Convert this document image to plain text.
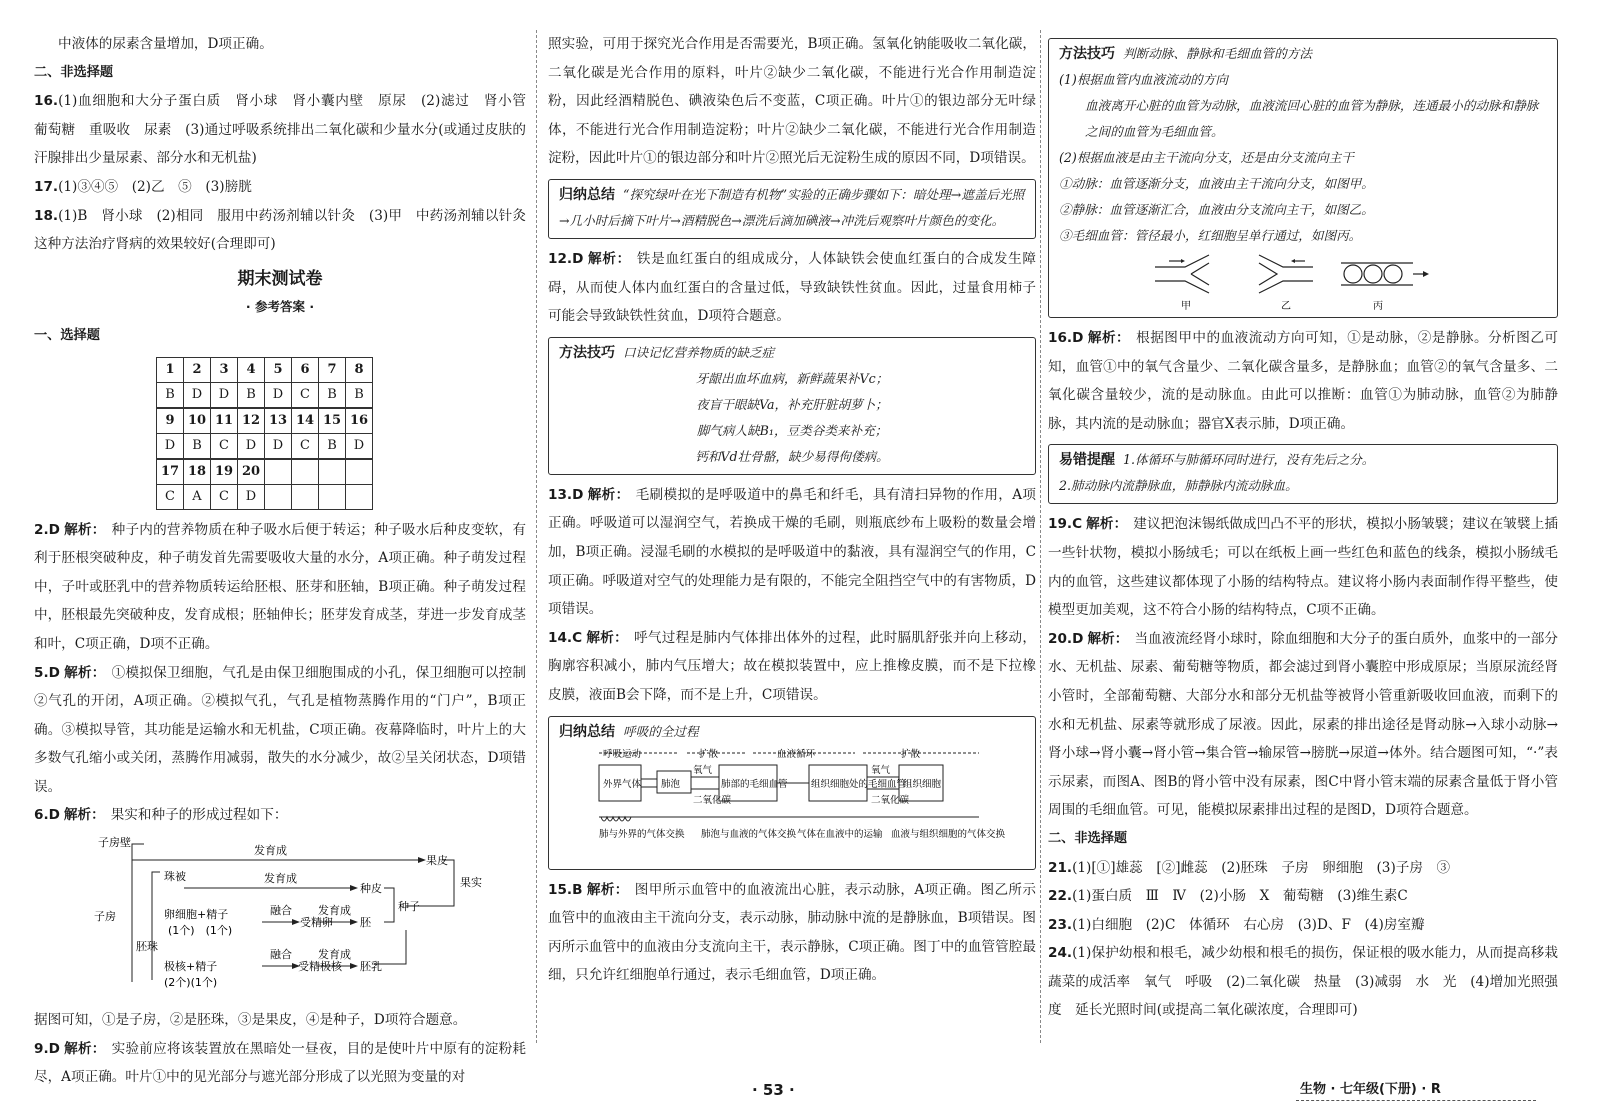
中液体的尿素含量增加，D项正确。

二、非选择题

16.(1)血细胞和大分子蛋白质　肾小球　肾小囊内壁　原尿　(2)滤过　肾小管　葡萄糖　重吸收　尿素　(3)通过呼吸系统排出二氧化碳和少量水分(或通过皮肤的汗腺排出少量尿素、部分水和无机盐)

17.(1)③④⑤　(2)乙　⑤　(3)膀胱

18.(1)B　肾小球　(2)相同　服用中药汤剂辅以针灸　(3)甲　中药汤剂辅以针灸这种方法治疗肾病的效果较好(合理即可)

期末测试卷
· 参考答案 ·

一、选择题

1	2	3	4	5	6	7	8
B	D	D	B	D	C	B	B
9	10	11	12	13	14	15	16
D	B	C	D	D	C	B	D
17	18	19	20				
C	A	C	D				

2.D 解析： 种子内的营养物质在种子吸水后便于转运；种子吸水后种皮变软，有利于胚根突破种皮，种子萌发首先需要吸收大量的水分，A项正确。种子萌发过程中，子叶或胚乳中的营养物质转运给胚根、胚芽和胚轴，B项正确。种子萌发过程中，胚根最先突破种皮，发育成根；胚轴伸长；胚芽发育成茎，芽进一步发育成茎和叶，C项正确，D项不正确。

5.D 解析： ①模拟保卫细胞，气孔是由保卫细胞围成的小孔，保卫细胞可以控制②气孔的开闭，A项正确。②模拟气孔，气孔是植物蒸腾作用的“门户”，B项正确。③模拟导管，其功能是运输水和无机盐，C项正确。夜幕降临时，叶片上的大多数气孔缩小或关闭，蒸腾作用减弱，散失的水分减少，故②呈关闭状态，D项错误。

6.D 解析： 果实和种子的形成过程如下：

子房
子房壁
珠被
胚珠
卵细胞+精子
(1个)　(1个)
融合
受精卵
融合
受精极核
极核+精子
(2个)(1个)
发育成
发育成
发育成
发育成
果皮
种皮
胚
胚乳
种子
果实

据图可知，①是子房，②是胚珠，③是果皮，④是种子，D项符合题意。

9.D 解析： 实验前应将该装置放在黑暗处一昼夜，目的是使叶片中原有的淀粉耗尽，A项正确。叶片①中的见光部分与遮光部分形成了以光照为变量的对

照实验，可用于探究光合作用是否需要光，B项正确。氢氧化钠能吸收二氧化碳，二氧化碳是光合作用的原料，叶片②缺少二氧化碳，不能进行光合作用制造淀粉，因此经酒精脱色、碘液染色后不变蓝，C项正确。叶片①的银边部分无叶绿体，不能进行光合作用制造淀粉；叶片②缺少二氧化碳，不能进行光合作用制造淀粉，因此叶片①的银边部分和叶片②照光后无淀粉生成的原因不同，D项错误。

归纳总结 “探究绿叶在光下制造有机物”实验的正确步骤如下：暗处理→遮盖后光照→几小时后摘下叶片→酒精脱色→漂洗后滴加碘液→冲洗后观察叶片颜色的变化。

12.D 解析： 铁是血红蛋白的组成成分，人体缺铁会使血红蛋白的合成发生障碍，从而使人体内血红蛋白的含量过低，导致缺铁性贫血。因此，过量食用柿子可能会导致缺铁性贫血，D项符合题意。

方法技巧 口诀记忆营养物质的缺乏症
牙龈出血坏血病，新鲜蔬果补Vc；
夜盲干眼缺Va，补充肝脏胡萝卜；
脚气病人缺B₁，豆类谷类来补充；
钙和Vd壮骨骼，缺少易得佝偻病。

13.D 解析： 毛刷模拟的是呼吸道中的鼻毛和纤毛，具有清扫异物的作用，A项正确。呼吸道可以湿润空气，若换成干燥的毛刷，则瓶底纱布上吸粉的数量会增加，B项正确。浸湿毛刷的水模拟的是呼吸道中的黏液，具有湿润空气的作用，C项正确。呼吸道对空气的处理能力是有限的，不能完全阻挡空气中的有害物质，D项错误。

14.C 解析： 呼气过程是肺内气体排出体外的过程，此时膈肌舒张并向上移动，胸廓容积减小，肺内气压增大；故在模拟装置中，应上推橡皮膜，而不是下拉橡皮膜，液面B会下降，而不是上升，C项错误。

归纳总结 呼吸的全过程
呼吸运动	扩散	血液循环	扩散
外界气体 肺泡	肺部的毛细血管 组织细胞处的毛细血管
组织细胞
氧气	氧气
二氧化碳	二氧化碳
肺与外界的气体交换 肺泡与血液的气体交换 气体在血液中的运输 血液与组织细胞的气体交换

15.B 解析： 图甲所示血管中的血液流出心脏，表示动脉，A项正确。图乙所示血管中的血液由主干流向分支，表示动脉，肺动脉中流的是静脉血，B项错误。图丙所示血管中的血液由分支流向主干，表示静脉，C项正确。图丁中的血管管腔最细，只允许红细胞单行通过，表示毛细血管，D项正确。

方法技巧 判断动脉、静脉和毛细血管的方法
(1)根据血管内血液流动的方向
血液离开心脏的血管为动脉，血液流回心脏的血管为静脉，连通最小的动脉和静脉之间的血管为毛细血管。
(2)根据血液是由主干流向分支，还是由分支流向主干
①动脉：血管逐渐分支，血液由主干流向分支，如图甲。
②静脉：血管逐渐汇合，血液由分支流向主干，如图乙。
③毛细血管：管径最小，红细胞呈单行通过，如图丙。
甲	乙	丙

16.D 解析： 根据图甲中的血液流动方向可知，①是动脉，②是静脉。分析图乙可知，血管①中的氧气含量少、二氧化碳含量多，是静脉血；血管②的氧气含量多、二氧化碳含量较少，流的是动脉血。由此可以推断：血管①为肺动脉，血管②为肺静脉，其内流的是动脉血；器官X表示肺，D项正确。

易错提醒 1.体循环与肺循环同时进行，没有先后之分。
2.肺动脉内流静脉血，肺静脉内流动脉血。

19.C 解析： 建议把泡沫锡纸做成凹凸不平的形状，模拟小肠皱襞；建议在皱襞上插一些针状物，模拟小肠绒毛；可以在纸板上画一些红色和蓝色的线条，模拟小肠绒毛内的血管，这些建议都体现了小肠的结构特点。建议将小肠内表面制作得平整些，使模型更加美观，这不符合小肠的结构特点，C项不正确。

20.D 解析： 当血液流经肾小球时，除血细胞和大分子的蛋白质外，血浆中的一部分水、无机盐、尿素、葡萄糖等物质，都会滤过到肾小囊腔中形成原尿；当原尿流经肾小管时，全部葡萄糖、大部分水和部分无机盐等被肾小管重新吸收回血液，而剩下的水和无机盐、尿素等就形成了尿液。因此，尿素的排出途径是肾动脉→入球小动脉→肾小球→肾小囊→肾小管→集合管→输尿管→膀胱→尿道→体外。结合题图可知，“·”表示尿素，而图A、图B的肾小管中没有尿素，图C中肾小管末端的尿素含量低于肾小管周围的毛细血管。可见，能模拟尿素排出过程的是图D，D项符合题意。

二、非选择题

21.(1)[①]雄蕊　[②]雌蕊　(2)胚珠　子房　卵细胞　(3)子房　③

22.(1)蛋白质　Ⅲ　Ⅳ　(2)小肠　X　葡萄糖　(3)维生素C

23.(1)白细胞　(2)C　体循环　右心房　(3)D、F　(4)房室瓣

24.(1)保护幼根和根毛，减少幼根和根毛的损伤，保证根的吸水能力，从而提高移栽蔬菜的成活率　氧气　呼吸　(2)二氧化碳　热量　(3)减弱　水　光　(4)增加光照强度　延长光照时间(或提高二氧化碳浓度，合理即可)

· 53 ·	生物 · 七年级(下册) · R
